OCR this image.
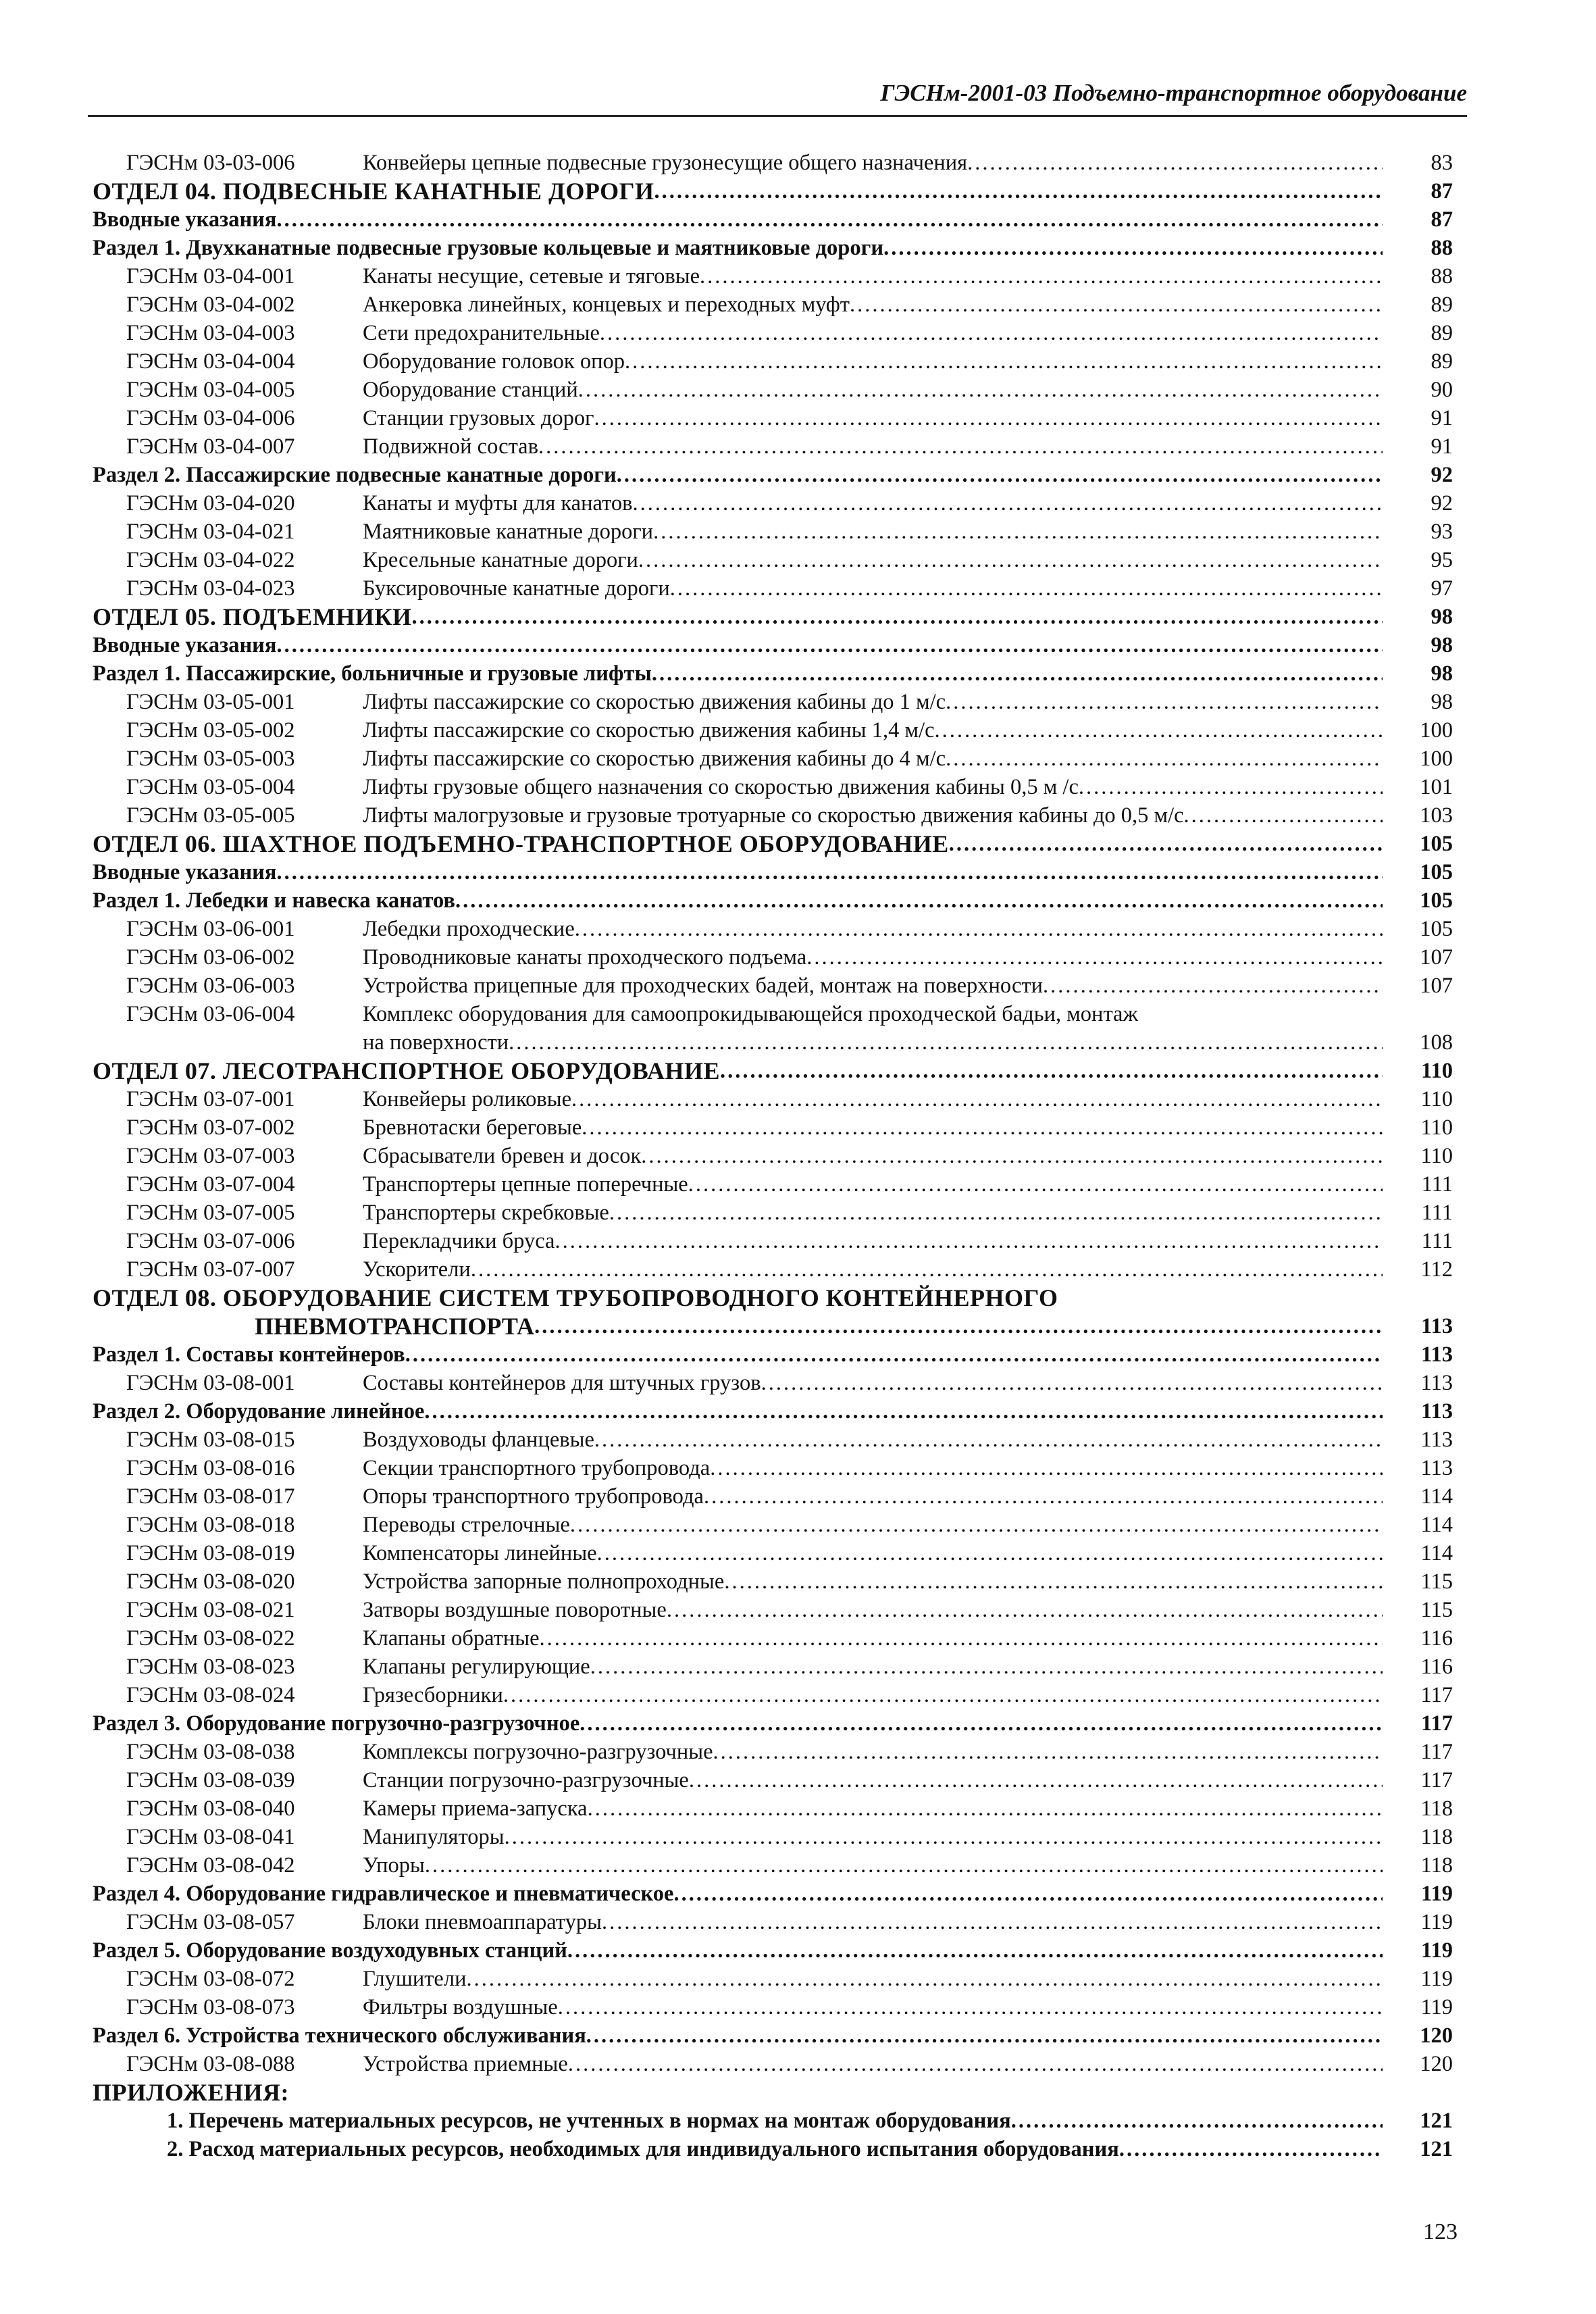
ГЭСНм-2001-03 Подъемно-транспортное оборудование
ГЭСНм 03-03-006	Конвейеры цепные подвесные грузонесущие общего назначения .....	83
ОТДЕЛ 04. ПОДВЕСНЫЕ КАНАТНЫЕ ДОРОГИ .....	87
Вводные указания .....	87
Раздел 1. Двухканатные подвесные грузовые кольцевые и маятниковые дороги .....	88
ГЭСНм 03-04-001	Канаты несущие, сетевые и тяговые .....	88
ГЭСНм 03-04-002	Анкеровка линейных, концевых и переходных муфт .....	89
ГЭСНм 03-04-003	Сети предохранительные .....	89
ГЭСНм 03-04-004	Оборудование головок опор .....	89
ГЭСНм 03-04-005	Оборудование станций .....	90
ГЭСНм 03-04-006	Станции грузовых дорог .....	91
ГЭСНм 03-04-007	Подвижной состав .....	91
Раздел 2. Пассажирские подвесные канатные дороги .....	92
ГЭСНм 03-04-020	Канаты и муфты для канатов .....	92
ГЭСНм 03-04-021	Маятниковые канатные дороги .....	93
ГЭСНм 03-04-022	Кресельные канатные дороги .....	95
ГЭСНм 03-04-023	Буксировочные канатные дороги .....	97
ОТДЕЛ 05. ПОДЪЕМНИКИ .....	98
Вводные указания .....	98
Раздел 1. Пассажирские, больничные и грузовые лифты .....	98
ГЭСНм 03-05-001	Лифты пассажирские со скоростью движения кабины до 1 м/с .....	98
ГЭСНм 03-05-002	Лифты пассажирские со скоростью движения кабины 1,4 м/с .....	100
ГЭСНм 03-05-003	Лифты пассажирские со скоростью движения кабины до 4 м/с .....	100
ГЭСНм 03-05-004	Лифты грузовые общего назначения со скоростью движения кабины 0,5 м /с .....	101
ГЭСНм 03-05-005	Лифты малогрузовые и грузовые тротуарные со скоростью движения кабины до 0,5 м/с .....	103
ОТДЕЛ 06. ШАХТНОЕ ПОДЪЕМНО-ТРАНСПОРТНОЕ ОБОРУДОВАНИЕ .....	105
Вводные указания .....	105
Раздел 1. Лебедки и навеска канатов .....	105
ГЭСНм 03-06-001	Лебедки проходческие .....	105
ГЭСНм 03-06-002	Проводниковые канаты проходческого подъема .....	107
ГЭСНм 03-06-003	Устройства прицепные для проходческих бадей, монтаж на поверхности .....	107
ГЭСНм 03-06-004	Комплекс оборудования для самоопрокидывающейся проходческой бадьи, монтаж
на поверхности .....	108
ОТДЕЛ 07. ЛЕСОТРАНСПОРТНОЕ ОБОРУДОВАНИЕ .....	110
ГЭСНм 03-07-001	Конвейеры роликовые .....	110
ГЭСНм 03-07-002	Бревнотаски береговые .....	110
ГЭСНм 03-07-003	Сбрасыватели бревен и досок .....	110
ГЭСНм 03-07-004	Транспортеры цепные поперечные .....	111
ГЭСНм 03-07-005	Транспортеры скребковые .....	111
ГЭСНм 03-07-006	Перекладчики бруса .....	111
ГЭСНм 03-07-007	Ускорители .....	112
ОТДЕЛ 08. ОБОРУДОВАНИЕ СИСТЕМ ТРУБОПРОВОДНОГО КОНТЕЙНЕРНОГО
ПНЕВМОТРАНСПОРТА .....	113
Раздел 1. Составы контейнеров .....	113
ГЭСНм 03-08-001	Составы контейнеров для штучных грузов .....	113
Раздел 2. Оборудование линейное .....	113
ГЭСНм 03-08-015	Воздуховоды фланцевые .....	113
ГЭСНм 03-08-016	Секции транспортного трубопровода .....	113
ГЭСНм 03-08-017	Опоры транспортного трубопровода .....	114
ГЭСНм 03-08-018	Переводы стрелочные .....	114
ГЭСНм 03-08-019	Компенсаторы линейные .....	114
ГЭСНм 03-08-020	Устройства запорные полнопроходные .....	115
ГЭСНм 03-08-021	Затворы воздушные поворотные .....	115
ГЭСНм 03-08-022	Клапаны обратные .....	116
ГЭСНм 03-08-023	Клапаны регулирующие .....	116
ГЭСНм 03-08-024	Грязесборники .....	117
Раздел 3. Оборудование погрузочно-разгрузочное .....	117
ГЭСНм 03-08-038	Комплексы погрузочно-разгрузочные .....	117
ГЭСНм 03-08-039	Станции погрузочно-разгрузочные .....	117
ГЭСНм 03-08-040	Камеры приема-запуска .....	118
ГЭСНм 03-08-041	Манипуляторы .....	118
ГЭСНм 03-08-042	Упоры .....	118
Раздел 4. Оборудование гидравлическое и пневматическое .....	119
ГЭСНм 03-08-057	Блоки пневмоаппаратуры .....	119
Раздел 5. Оборудование воздуходувных станций .....	119
ГЭСНм 03-08-072	Глушители .....	119
ГЭСНм 03-08-073	Фильтры воздушные .....	119
Раздел 6. Устройства технического обслуживания .....	120
ГЭСНм 03-08-088	Устройства приемные .....	120
ПРИЛОЖЕНИЯ:
1. Перечень материальных ресурсов, не учтенных в нормах на монтаж оборудования .....	121
2. Расход материальных ресурсов, необходимых для индивидуального испытания оборудования .....	121
123
